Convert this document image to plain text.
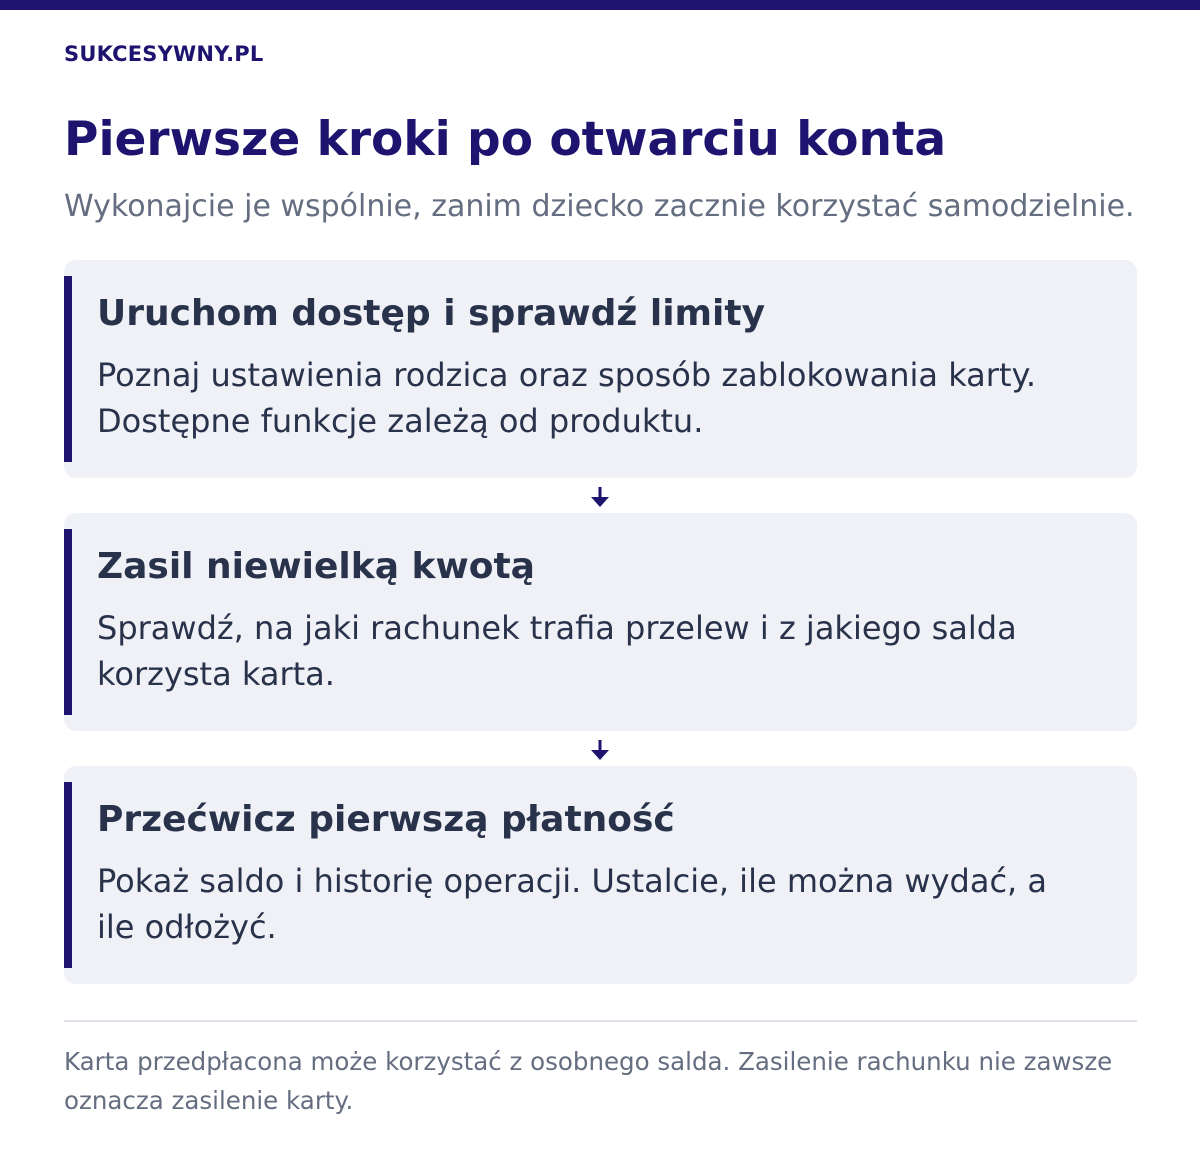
SUKCESYWNY.PL
Pierwsze kroki po otwarciu konta

Wykonajcie je wspólnie, zanim dziecko zacznie korzystać samodzielnie.

Uruchom dostęp i sprawdź limity

Poznaj ustawienia rodzica oraz sposób zablokowania karty. Dostępne funkcje zależą od produktu.

Zasil niewielką kwotą

Sprawdź, na jaki rachunek trafia przelew i z jakiego salda korzysta karta.

Przećwicz pierwszą płatność

Pokaż saldo i historię operacji. Ustalcie, ile można wydać, a ile odłożyć.

Karta przedpłacona może korzystać z osobnego salda. Zasilenie rachunku nie zawsze oznacza zasilenie karty.
